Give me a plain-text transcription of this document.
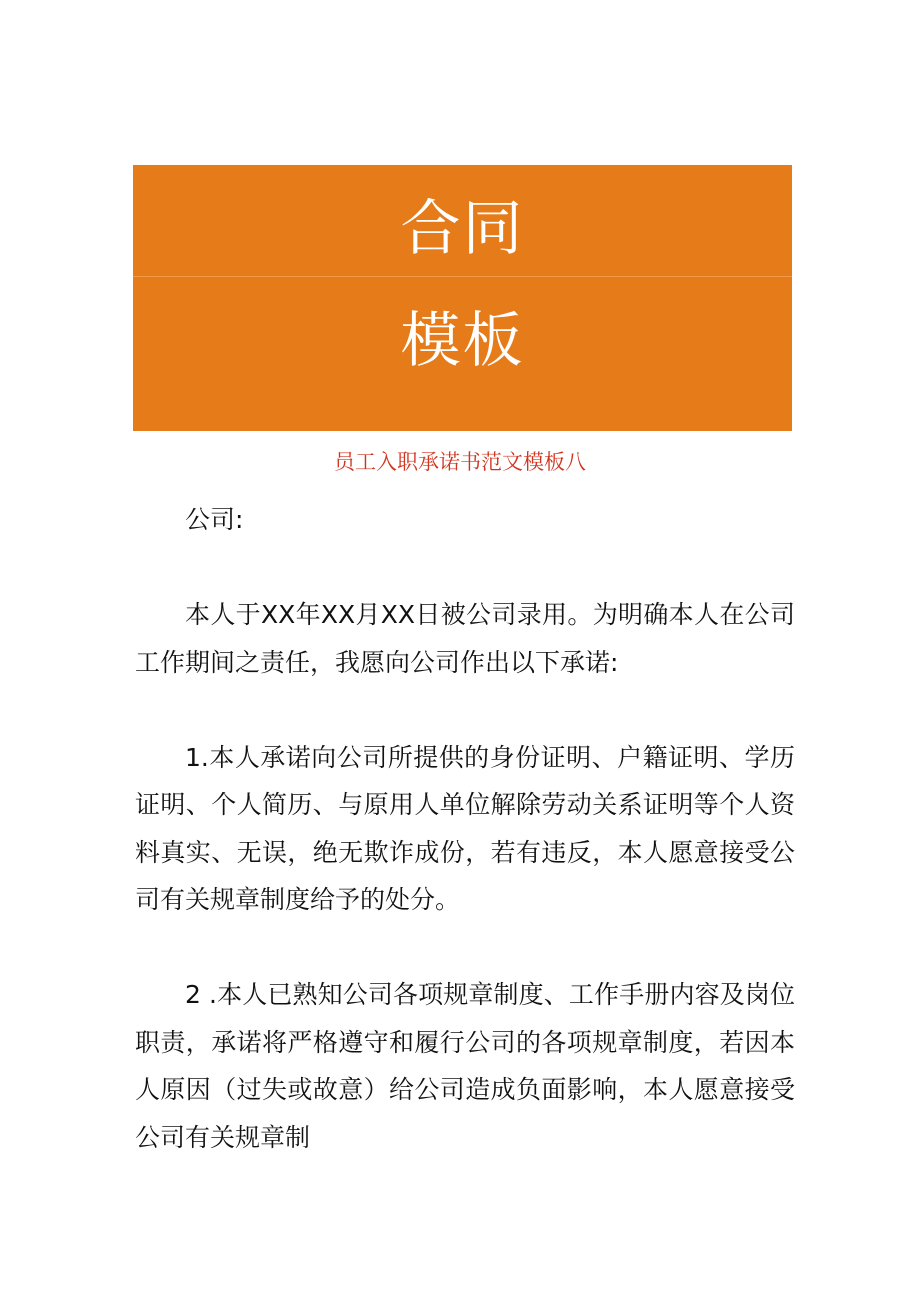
合同
模板
员工入职承诺书范文模板八

公司:

本人于XX年XX月XX日被公司录用。为明确本人在公司工作期间之责任，我愿向公司作出以下承诺:

1.本人承诺向公司所提供的身份证明、户籍证明、学历证明、个人简历、与原用人单位解除劳动关系证明等个人资料真实、无误，绝无欺诈成份，若有违反，本人愿意接受公司有关规章制度给予的处分。

2 .本人已熟知公司各项规章制度、工作手册内容及岗位职责，承诺将严格遵守和履行公司的各项规章制度，若因本人原因（过失或故意）给公司造成负面影响，本人愿意接受公司有关规章制
